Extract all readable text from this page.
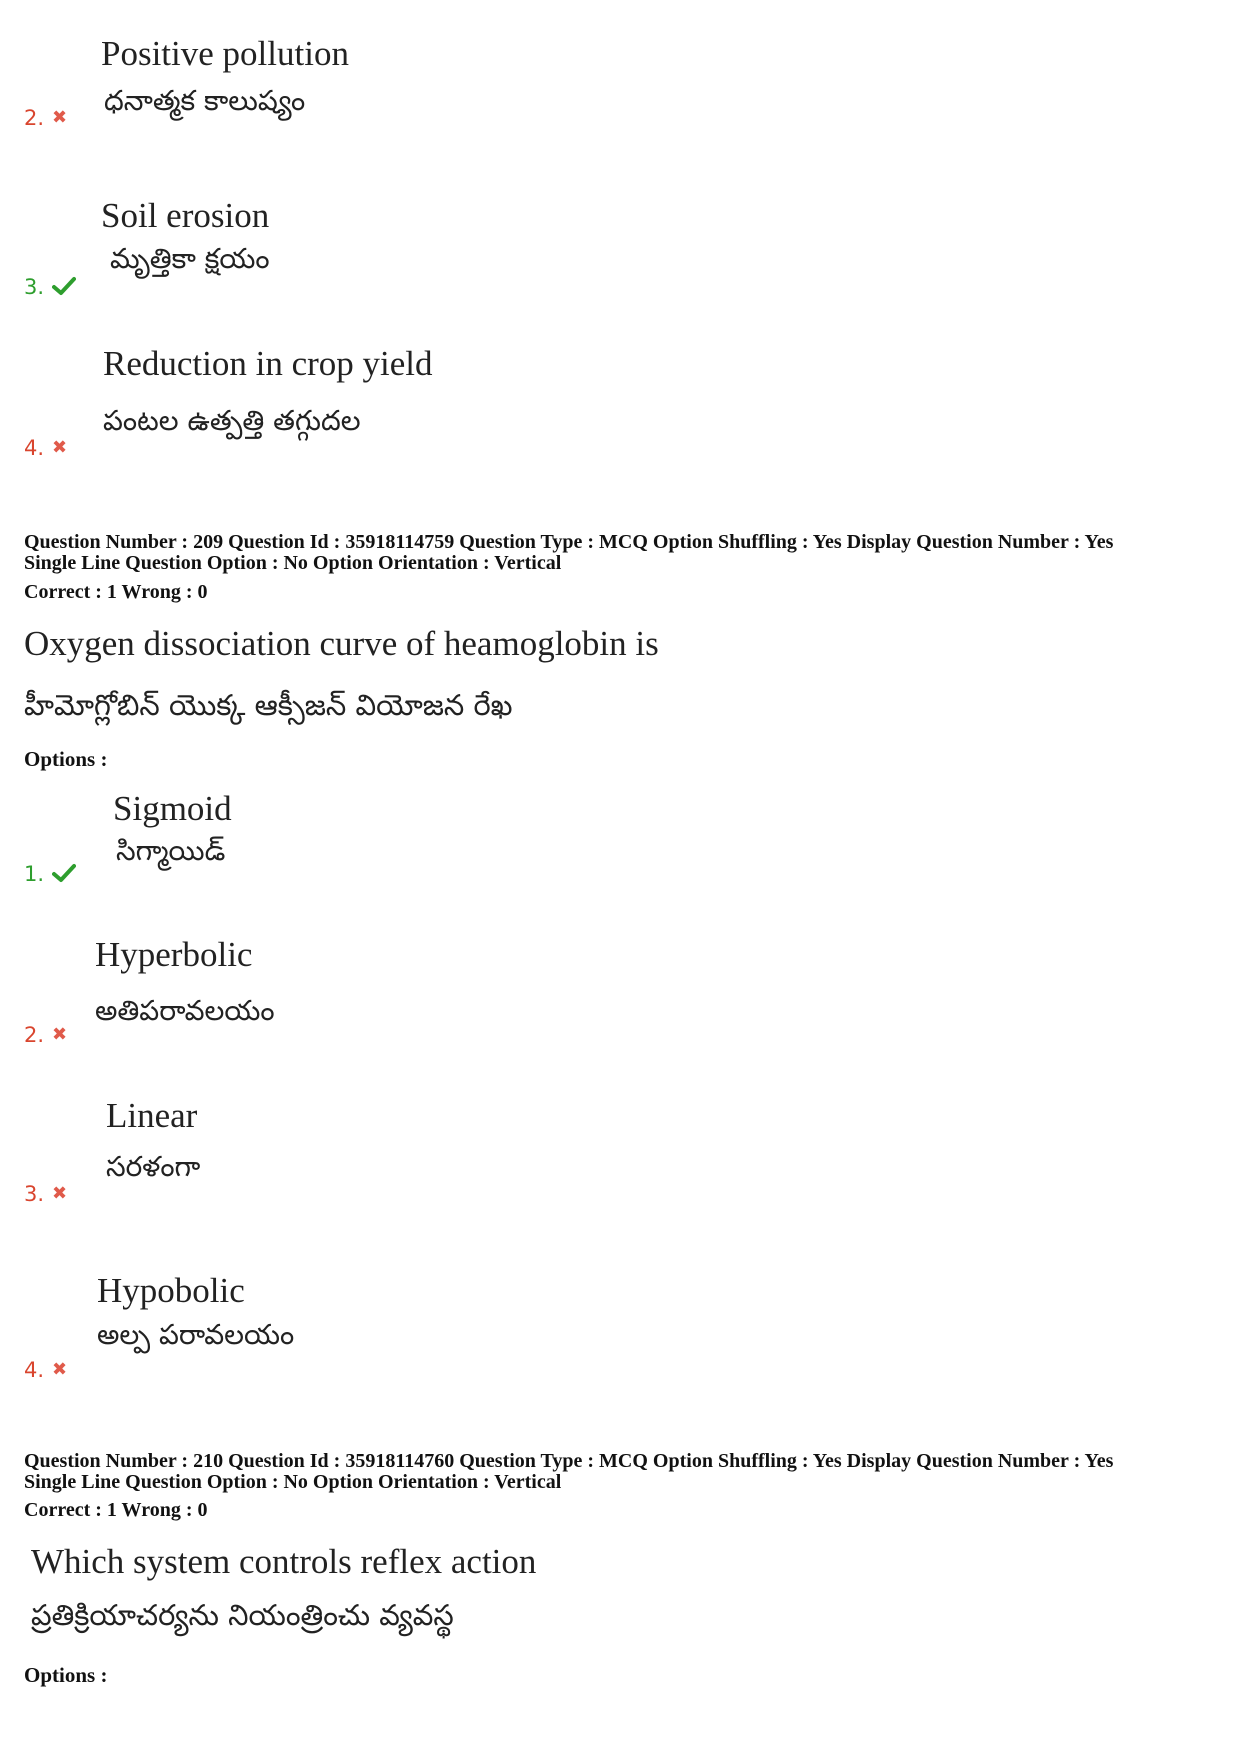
Positive pollution
ధనాత్మక కాలుష్యం
2. ✖
Soil erosion
మృత్తికా క్షయం
3.
Reduction in crop yield
పంటల ఉత్పత్తి తగ్గుదల
4. ✖
Question Number : 209 Question Id : 35918114759 Question Type : MCQ Option Shuffling : Yes Display Question Number : Yes
Single Line Question Option : No Option Orientation : Vertical
Correct : 1 Wrong : 0
Oxygen dissociation curve of heamoglobin is
హీమోగ్లోబిన్ యొక్క ఆక్సీజన్ వియోజన రేఖ
Options :
Sigmoid
సిగ్మాయిడ్
1.
Hyperbolic
అతిపరావలయం
2. ✖
Linear
సరళంగా
3. ✖
Hypobolic
అల్ప పరావలయం
4. ✖
Question Number : 210 Question Id : 35918114760 Question Type : MCQ Option Shuffling : Yes Display Question Number : Yes
Single Line Question Option : No Option Orientation : Vertical
Correct : 1 Wrong : 0
Which system controls reflex action
ప్రతిక్రియాచర్యను నియంత్రించు వ్యవస్థ
Options :
